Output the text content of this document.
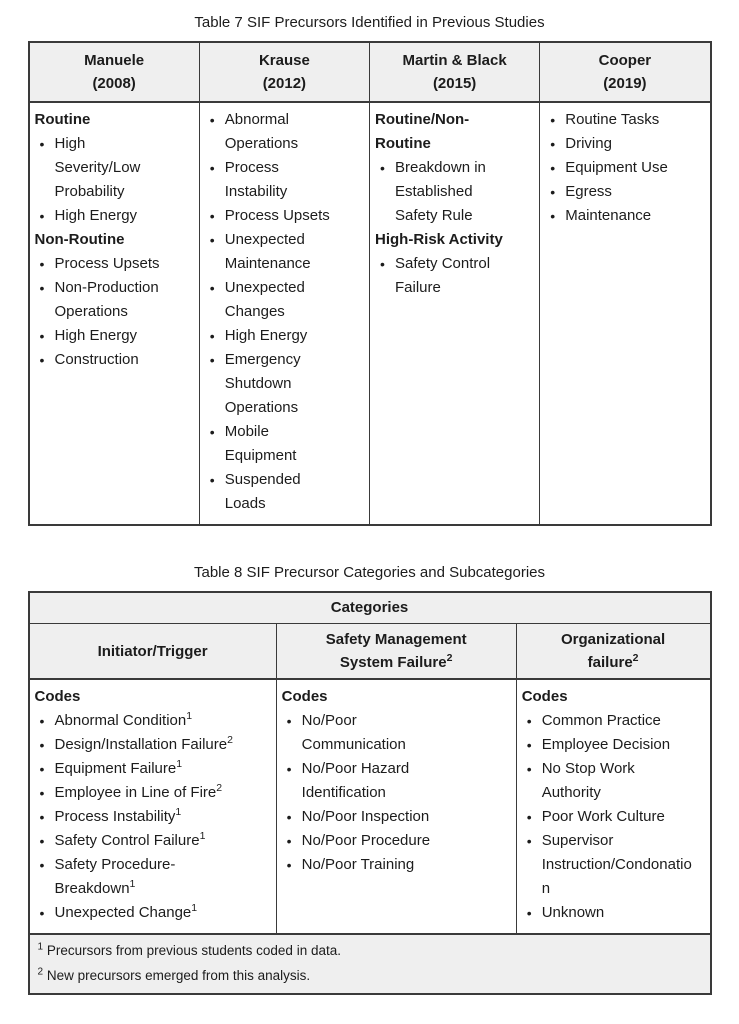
Table 7 SIF Precursors Identified in Previous Studies
Manuele
(2008)
Krause
(2012)
Martin & Black
(2015)
Cooper
(2019)
Routine
• High Severity/⁠Low Probability
• High Energy
Non-Routine
• Process Upsets
• Non-Production Operations
• High Energy
• Construction
• Abnormal Operations
• Process Instability
• Process Upsets
• Unexpected Maintenance
• Unexpected Changes
• High Energy
• Emergency Shutdown Operations
• Mobile Equipment
• Suspended Loads
Routine/⁠Non-Routine
• Breakdown in Established Safety Rule
High-Risk Activity
• Safety Control Failure
• Routine Tasks
• Driving
• Equipment Use
• Egress
• Maintenance
Table 8 SIF Precursor Categories and Subcategories
Categories
Initiator/Trigger
Safety Management
System Failure$^2$
Organizational
failure$^2$
Codes
• Abnormal Condition$^1$
• Design/⁠Installation Failure$^2$
• Equipment Failure$^1$
• Employee in Line of Fire$^2$
• Process Instability$^1$
• Safety Control Failure$^1$
• Safety Procedure-Breakdown$^1$
• Unexpected Change$^1$
Codes
• No/⁠Poor Communication
• No/⁠Poor Hazard Identification
• No/⁠Poor Inspection
• No/⁠Poor Procedure
• No/⁠Poor Training
Codes
• Common Practice
• Employee Decision
• No Stop Work Authority
• Poor Work Culture
• Supervisor Instruction/⁠Condonation
• Unknown
$^1$ Precursors from previous students coded in data.
$^2$ New precursors emerged from this analysis.
